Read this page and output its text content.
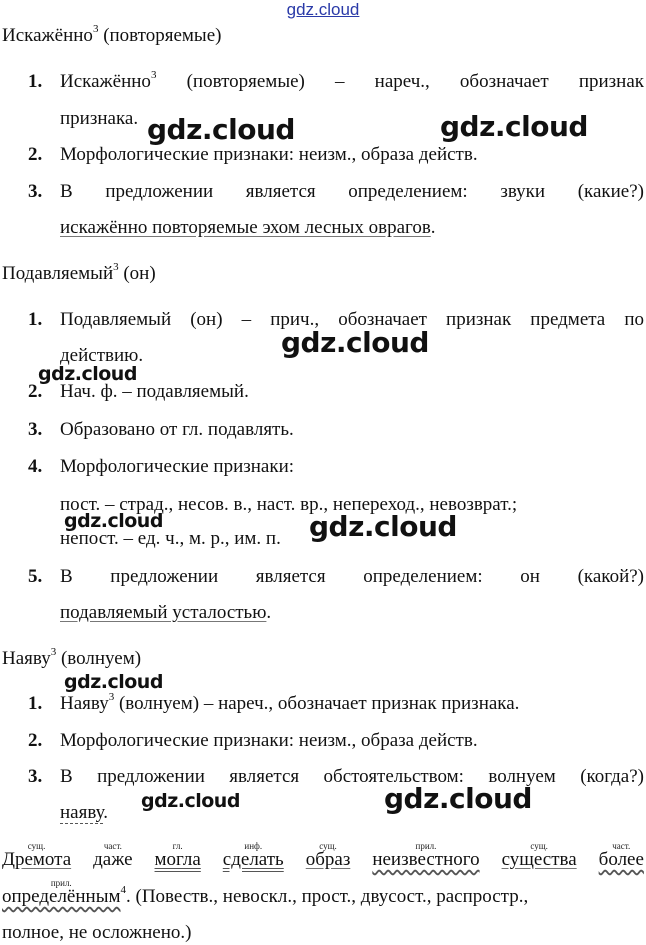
gdz.cloud
Искажённо$^3$ (повторяемые)
1. Искажённо$^3$ (повторяемые) – нареч., обозначает признак
признака.
2. Морфологические признаки: неизм., образа действ.
3. В предложении является определением: звуки (какие?)
искажённо повторяемые эхом лесных оврагов.
Подавляемый$^3$ (он)
1. Подавляемый (он) – прич., обозначает признак предмета по
действию.
2. Нач. ф. – подавляемый.
3. Образовано от гл. подавлять.
4. Морфологические признаки:
пост. – страд., несов. в., наст. вр., непереход., невозврат.;
непост. – ед. ч., м. р., им. п.
5. В предложении является определением: он (какой?)
подавляемый усталостью.
Наяву$^3$ (волнуем)
1. Наяву$^3$ (волнуем) – нареч., обозначает признак признака.
2. Морфологические признаки: неизм., образа действ.
3. В предложении является обстоятельством: волнуем (когда?)
наяву.
сущ.
Дремота
част.
даже
гл.
могла
инф.
сделать
сущ.
образ
прил.
неизвестного
сущ.
существа
част.
более
прил.
определённым$^4$. (Повеств., невоскл., прост., двусост., распростр.,
полное, не осложнено.)
gdz.cloud	gdz.cloud
gdz.cloud
gdz.cloud
gdz.cloud	gdz.cloud
gdz.cloud
gdz.cloud	gdz.cloud
